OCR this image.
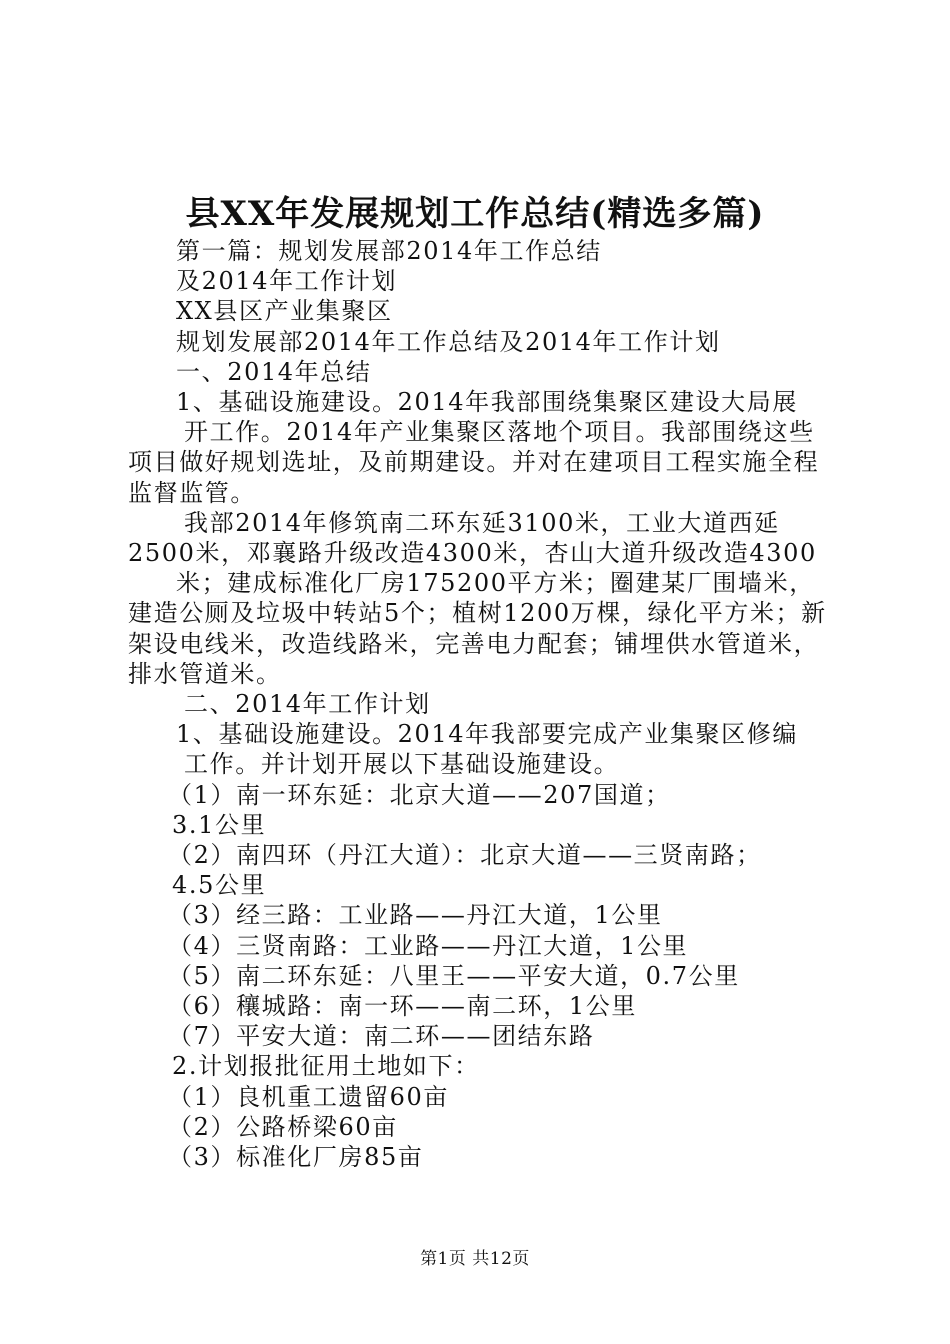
县XX年发展规划工作总结(精选多篇)

第一篇：规划发展部2014年工作总结

及2014年工作计划

XX县区产业集聚区

规划发展部2014年工作总结及2014年工作计划

一、2014年总结

1、基础设施建设。2014年我部围绕集聚区建设大局展

开工作。2014年产业集聚区落地个项目。我部围绕这些项目做好规划选址，及前期建设。并对在建项目工程实施全程监督监管。

我部2014年修筑南二环东延3100米，工业大道西延2500米，邓襄路升级改造4300米，杏山大道升级改造4300

米；建成标准化厂房175200平方米；圈建某厂围墙米，建造公厕及垃圾中转站5个；植树1200万棵，绿化平方米；新架设电线米，改造线路米，完善电力配套；铺埋供水管道米，排水管道米。

二、2014年工作计划

1、基础设施建设。2014年我部要完成产业集聚区修编

工作。并计划开展以下基础设施建设。

（1）南一环东延：北京大道——207国道；

3.1公里

（2）南四环（丹江大道）：北京大道——三贤南路；

4.5公里

（3）经三路：工业路——丹江大道，1公里

（4）三贤南路：工业路——丹江大道，1公里

（5）南二环东延：八里王——平安大道，0.7公里

（6）穰城路：南一环——南二环，1公里

（7）平安大道：南二环——团结东路

2.计划报批征用土地如下：

（1）良机重工遗留60亩

（2）公路桥梁60亩

（3）标准化厂房85亩

第1页 共12页
